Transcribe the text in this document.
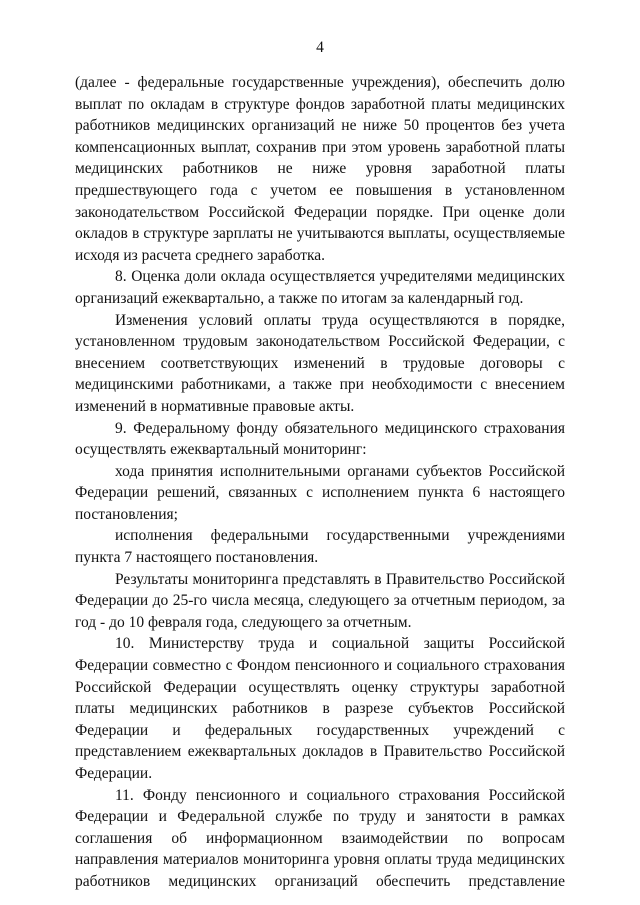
4

(далее - федеральные государственные учреждения), обеспечить долю выплат по окладам в структуре фондов заработной платы медицинских работников медицинских организаций не ниже 50 процентов без учета компенсационных выплат, сохранив при этом уровень заработной платы медицинских работников не ниже уровня заработной платы предшествующего года с учетом ее повышения в установленном законодательством Российской Федерации порядке. При оценке доли окладов в структуре зарплаты не учитываются выплаты, осуществляемые исходя из расчета среднего заработка.

8. Оценка доли оклада осуществляется учредителями медицинских организаций ежеквартально, а также по итогам за календарный год.

Изменения условий оплаты труда осуществляются в порядке, установленном трудовым законодательством Российской Федерации, с внесением соответствующих изменений в трудовые договоры с медицинскими работниками, а также при необходимости с внесением изменений в нормативные правовые акты.

9. Федеральному фонду обязательного медицинского страхования осуществлять ежеквартальный мониторинг:

хода принятия исполнительными органами субъектов Российской Федерации решений, связанных с исполнением пункта 6 настоящего постановления;

исполнения федеральными государственными учреждениями пункта 7 настоящего постановления.

Результаты мониторинга представлять в Правительство Российской Федерации до 25-го числа месяца, следующего за отчетным периодом, за год - до 10 февраля года, следующего за отчетным.

10. Министерству труда и социальной защиты Российской Федерации совместно с Фондом пенсионного и социального страхования Российской Федерации осуществлять оценку структуры заработной платы медицинских работников в разрезе субъектов Российской Федерации и федеральных государственных учреждений с представлением ежеквартальных докладов в Правительство Российской Федерации.

11. Фонду пенсионного и социального страхования Российской Федерации и Федеральной службе по труду и занятости в рамках соглашения об информационном взаимодействии по вопросам направления материалов мониторинга уровня оплаты труда медицинских работников медицинских организаций обеспечить представление
